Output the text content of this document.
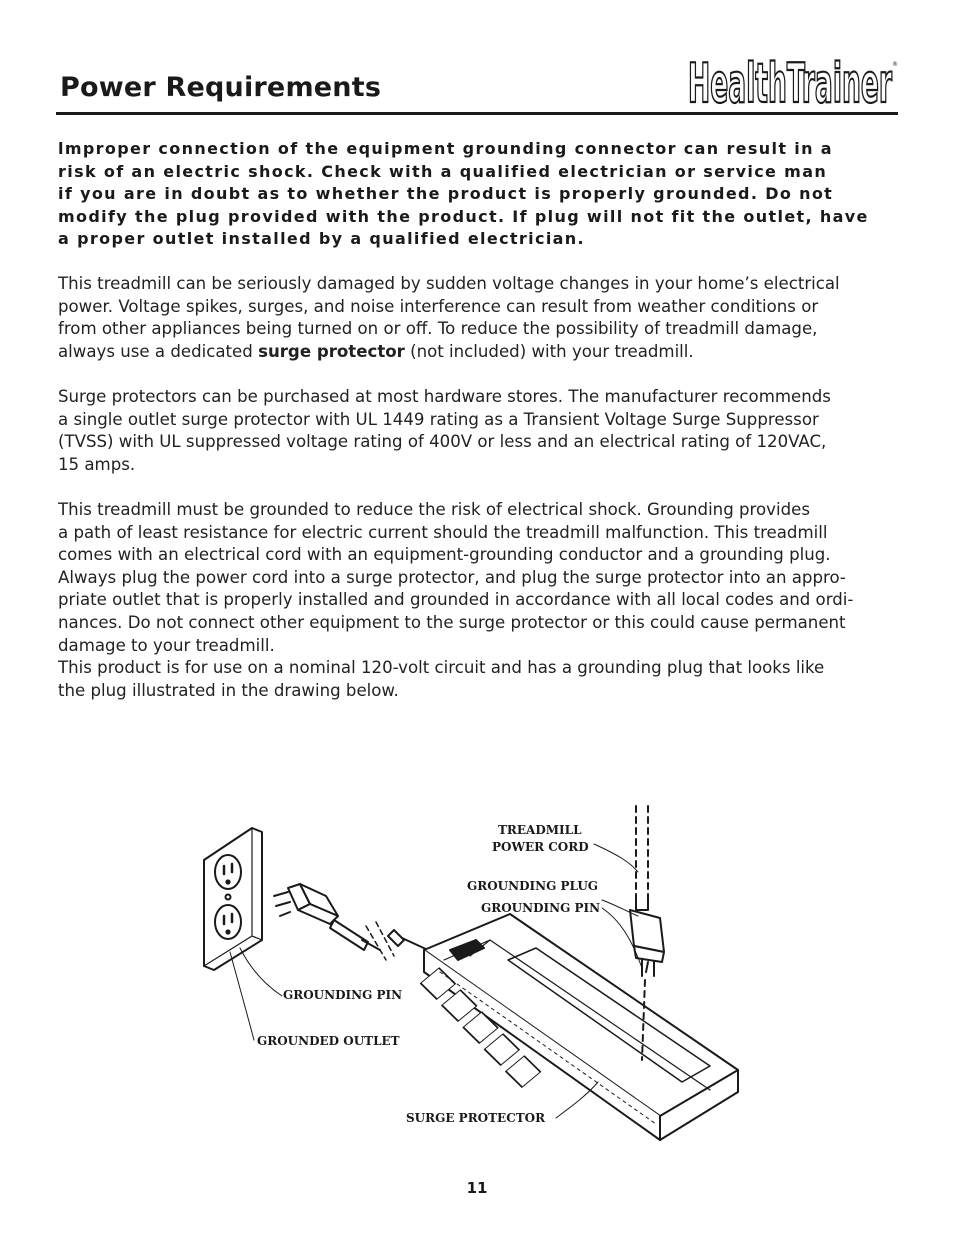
Power Requirements	HealthTrainer ®
lmproper connection of the equipment grounding connector can result in a
risk of an electric shock. Check with a qualified electrician or service man
if you are in doubt as to whether the product is properly grounded. Do not
modify the plug provided with the product. If plug will not fit the outlet, have
a proper outlet installed by a qualified electrician.
This treadmill can be seriously damaged by sudden voltage changes in your home’s electrical
power. Voltage spikes, surges, and noise interference can result from weather conditions or
from other appliances being turned on or off. To reduce the possibility of treadmill damage,
always use a dedicated surge protector (not included) with your treadmill.
Surge protectors can be purchased at most hardware stores. The manufacturer recommends
a single outlet surge protector with UL 1449 rating as a Transient Voltage Surge Suppressor
(TVSS) with UL suppressed voltage rating of 400V or less and an electrical rating of 120VAC,
15 amps.
This treadmill must be grounded to reduce the risk of electrical shock. Grounding provides
a path of least resistance for electric current should the treadmill malfunction. This treadmill
comes with an electrical cord with an equipment-grounding conductor and a grounding plug.
Always plug the power cord into a surge protector, and plug the surge protector into an appro-
priate outlet that is properly installed and grounded in accordance with all local codes and ordi-
nances. Do not connect other equipment to the surge protector or this could cause permanent
damage to your treadmill.
This product is for use on a nominal 120-volt circuit and has a grounding plug that looks like
the plug illustrated in the drawing below.
TREADMILL
POWER CORD
GROUNDING PLUG
GROUNDING PIN
GROUNDING PIN
GROUNDED OUTLET
SURGE PROTECTOR
11
